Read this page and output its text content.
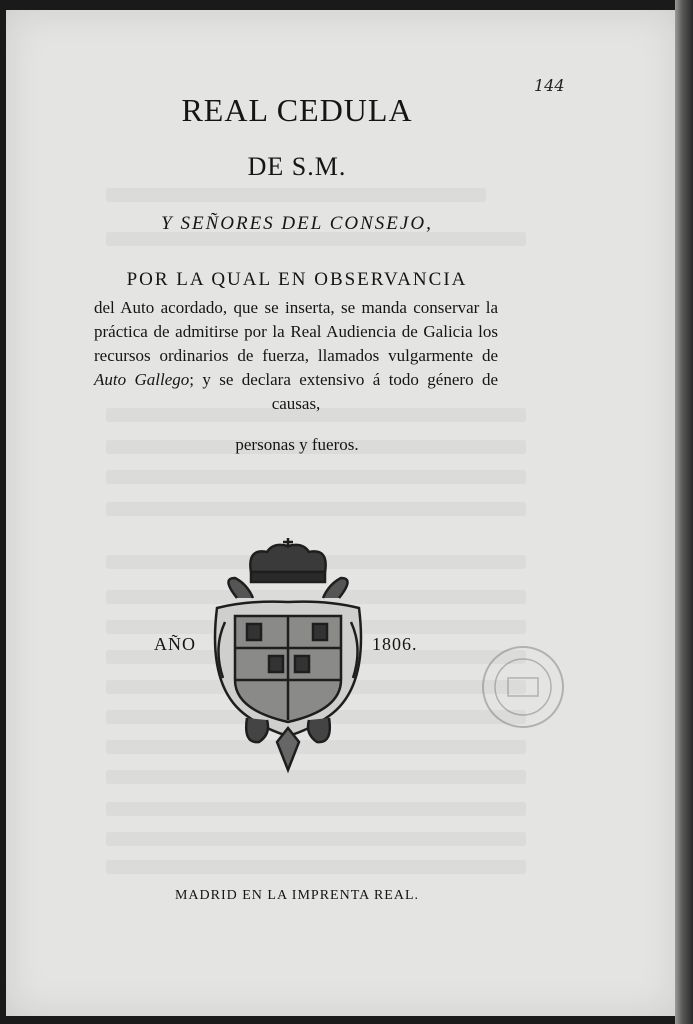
144
REAL CEDULA
DE S.M.
Y SEÑORES DEL CONSEJO,
POR LA QUAL EN OBSERVANCIA

del Auto acordado, que se inserta, se manda conservar la práctica de admitirse por la Real Audiencia de Galicia los recursos ordinarios de fuerza, llamados vulgarmente de Auto Gallego; y se declara extensivo á todo género de causas,

personas y fueros.
AÑO	1806.
MADRID EN LA IMPRENTA REAL.
